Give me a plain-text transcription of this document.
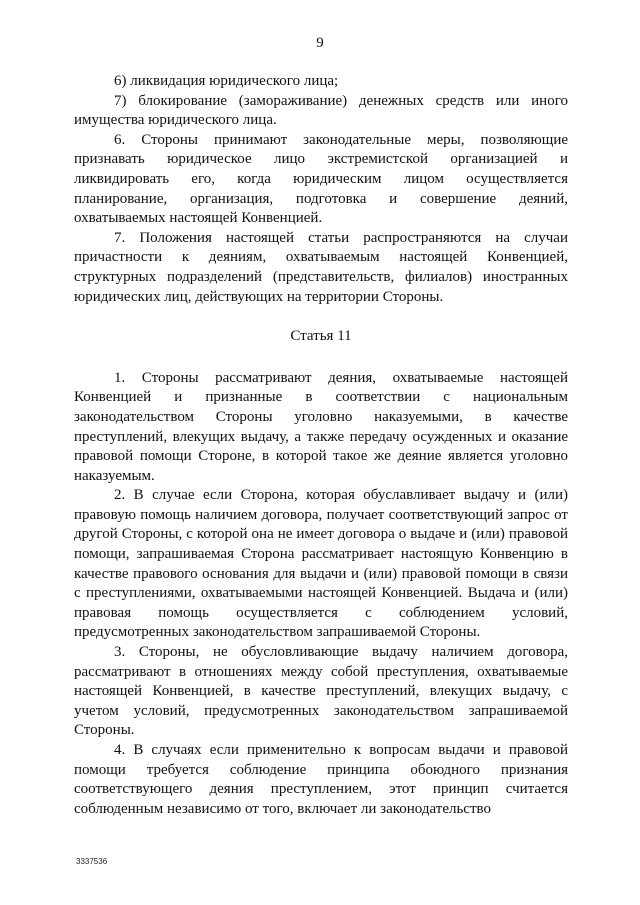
9

6) ликвидация юридического лица;

7) блокирование (замораживание) денежных средств или иного имущества юридического лица.

6. Стороны принимают законодательные меры, позволяющие признавать юридическое лицо экстремистской организацией и ликвидировать его, когда юридическим лицом осуществляется планирование, организация, подготовка и совершение деяний, охватываемых настоящей Конвенцией.

7. Положения настоящей статьи распространяются на случаи причастности к деяниям, охватываемым настоящей Конвенцией, структурных подразделений (представительств, филиалов) иностранных юридических лиц, действующих на территории Стороны.

Статья 11

1. Стороны рассматривают деяния, охватываемые настоящей Конвенцией и признанные в соответствии с национальным законодательством Стороны уголовно наказуемыми, в качестве преступлений, влекущих выдачу, а также передачу осужденных и оказание правовой помощи Стороне, в которой такое же деяние является уголовно наказуемым.

2. В случае если Сторона, которая обуславливает выдачу и (или) правовую помощь наличием договора, получает соответствующий запрос от другой Стороны, с которой она не имеет договора о выдаче и (или) правовой помощи, запрашиваемая Сторона рассматривает настоящую Конвенцию в качестве правового основания для выдачи и (или) правовой помощи в связи с преступлениями, охватываемыми настоящей Конвенцией. Выдача и (или) правовая помощь осуществляется с соблюдением условий, предусмотренных законодательством запрашиваемой Стороны.

3. Стороны, не обусловливающие выдачу наличием договора, рассматривают в отношениях между собой преступления, охватываемые настоящей Конвенцией, в качестве преступлений, влекущих выдачу, с учетом условий, предусмотренных законодательством запрашиваемой Стороны.

4. В случаях если применительно к вопросам выдачи и правовой помощи требуется соблюдение принципа обоюдного признания соответствующего деяния преступлением, этот принцип считается соблюденным независимо от того, включает ли законодательство

3337536
